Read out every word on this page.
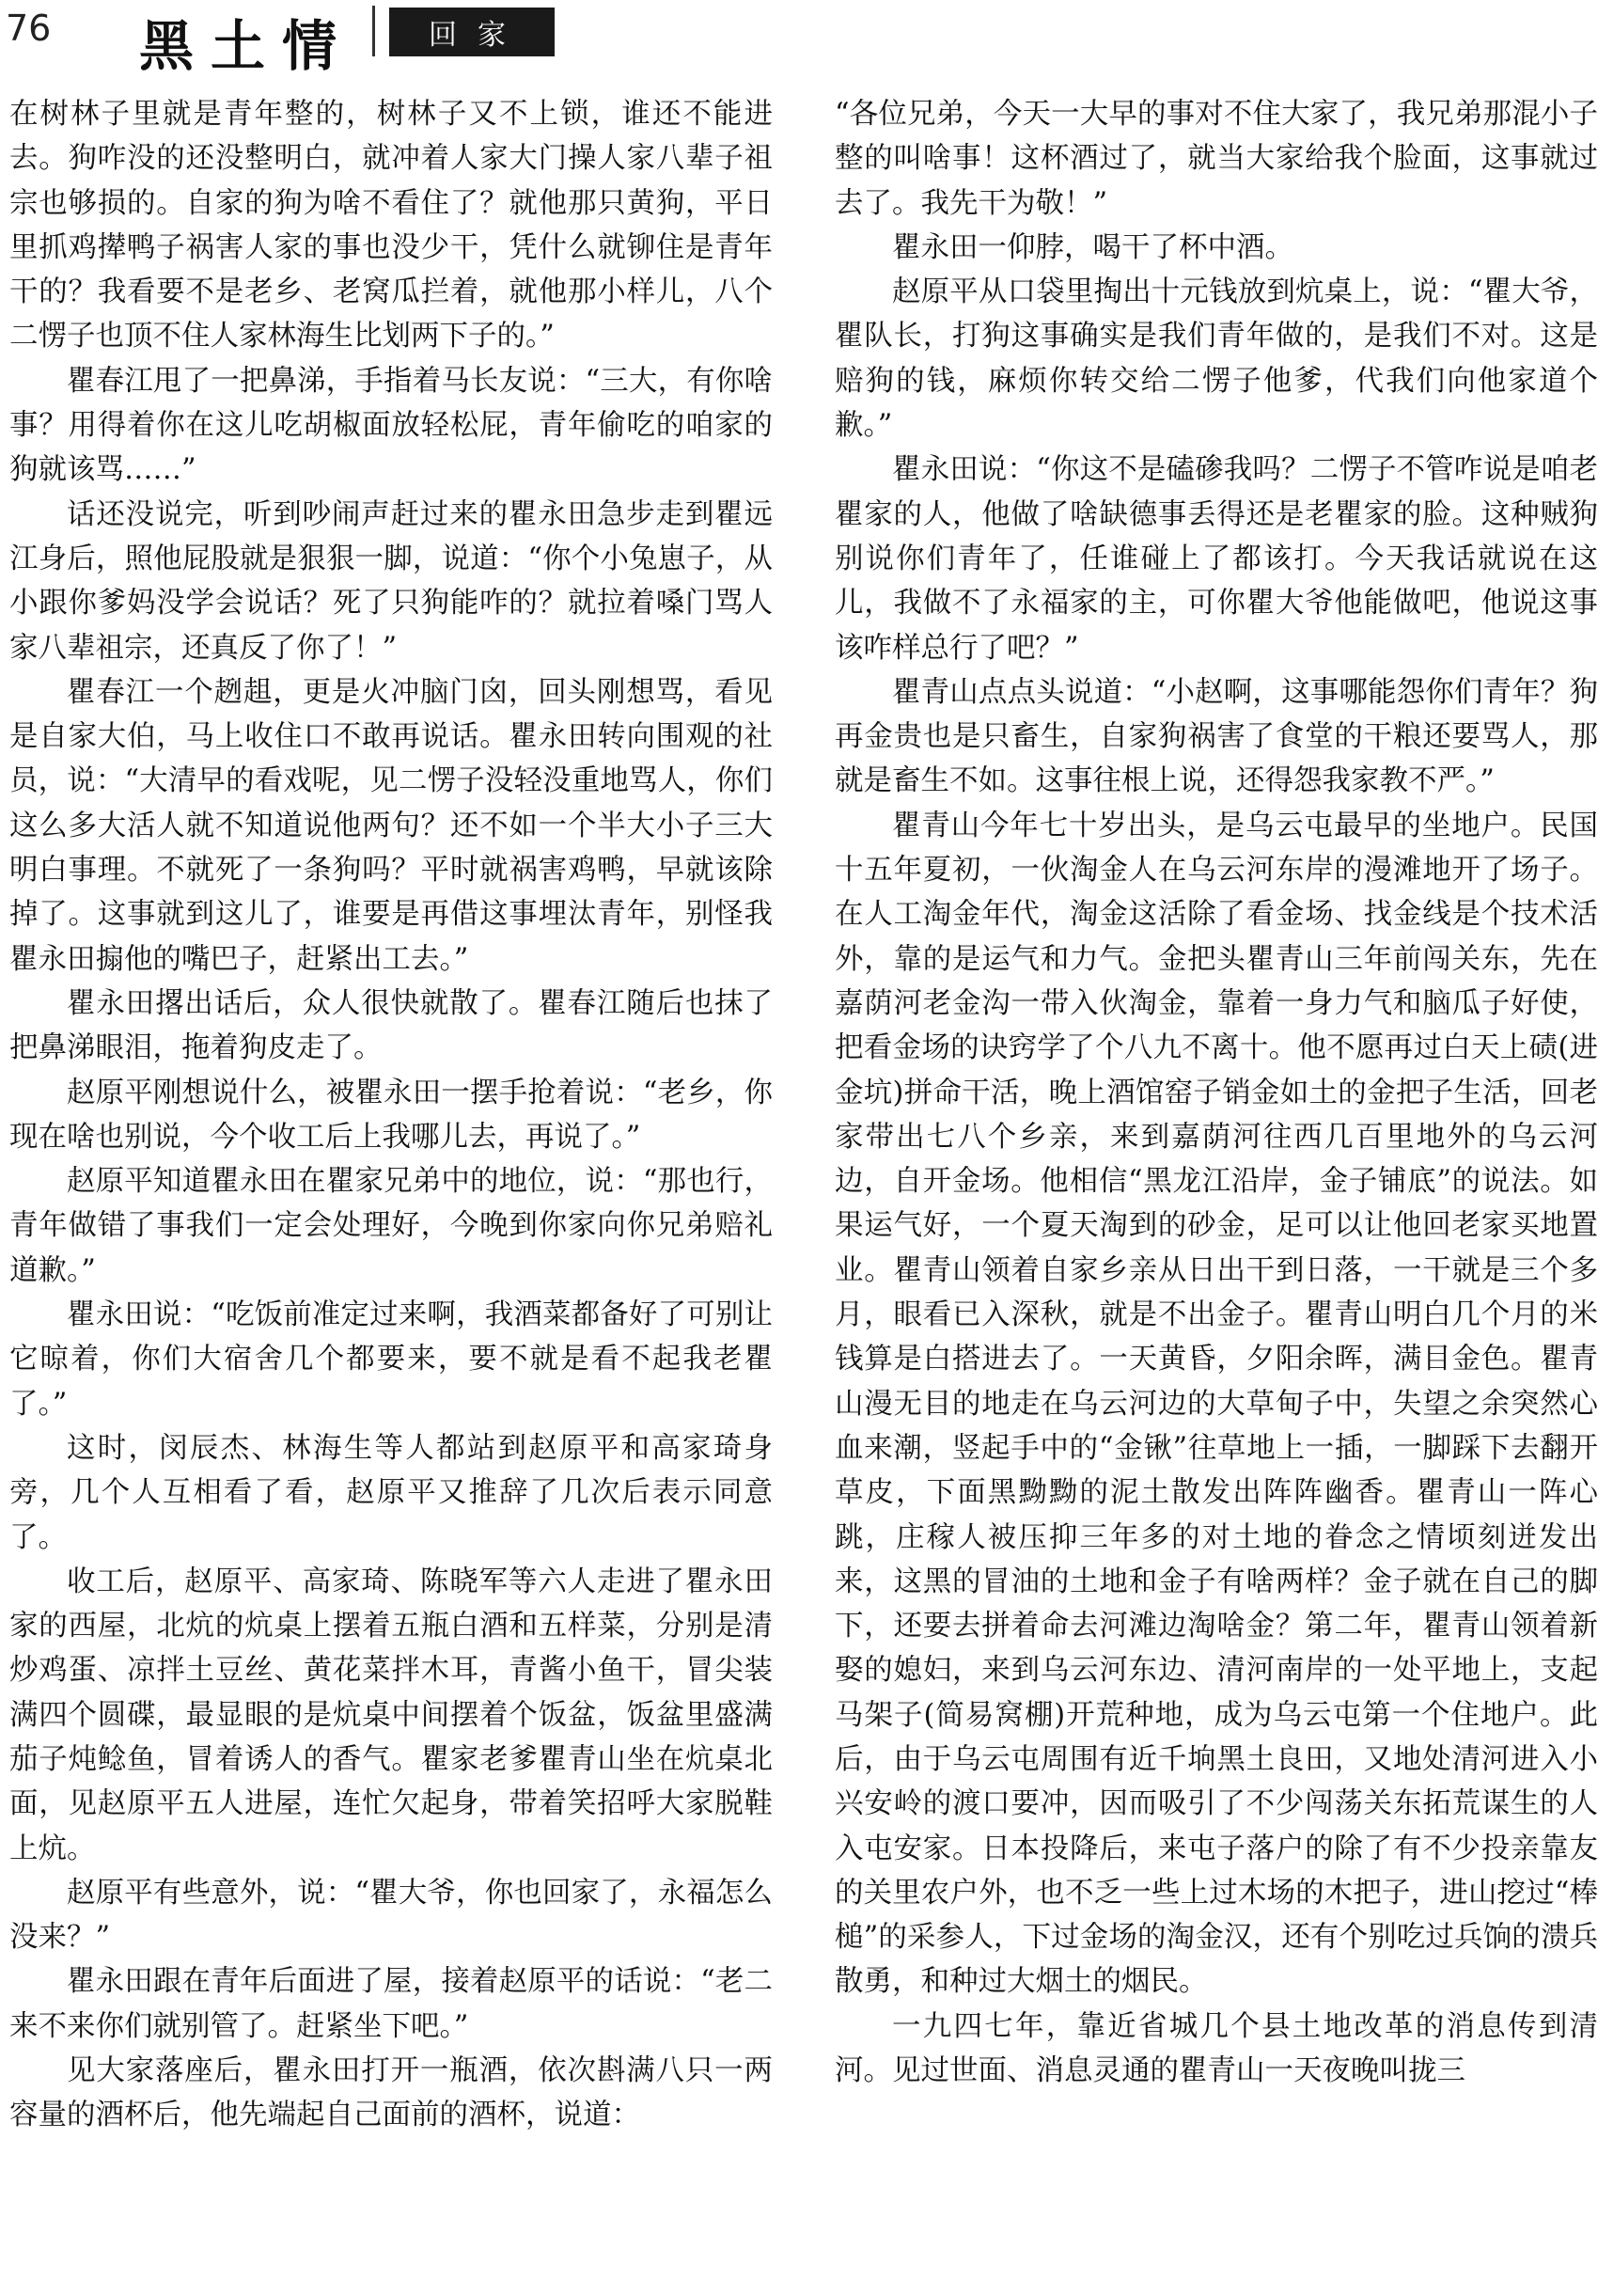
76 黑土情	回家

在树林子里就是青年整的，树林子又不上锁，谁还不能进去。狗咋没的还没整明白，就冲着人家大门操人家八辈子祖宗也够损的。自家的狗为啥不看住了？就他那只黄狗，平日里抓鸡撵鸭子祸害人家的事也没少干，凭什么就铆住是青年干的？我看要不是老乡、老窝瓜拦着，就他那小样儿，八个二愣子也顶不住人家林海生比划两下子的。”

瞿春江甩了一把鼻涕，手指着马长友说：“三大，有你啥事？用得着你在这儿吃胡椒面放轻松屁，青年偷吃的咱家的狗就该骂……”

话还没说完，听到吵闹声赶过来的瞿永田急步走到瞿远江身后，照他屁股就是狠狠一脚，说道：“你个小兔崽子，从小跟你爹妈没学会说话？死了只狗能咋的？就拉着嗓门骂人家八辈祖宗，还真反了你了！”

瞿春江一个趔趄，更是火冲脑门囟，回头刚想骂，看见是自家大伯，马上收住口不敢再说话。瞿永田转向围观的社员，说：“大清早的看戏呢，见二愣子没轻没重地骂人，你们这么多大活人就不知道说他两句？还不如一个半大小子三大明白事理。不就死了一条狗吗？平时就祸害鸡鸭，早就该除掉了。这事就到这儿了，谁要是再借这事埋汰青年，别怪我瞿永田搧他的嘴巴子，赶紧出工去。”

瞿永田撂出话后，众人很快就散了。瞿春江随后也抹了把鼻涕眼泪，拖着狗皮走了。

赵原平刚想说什么，被瞿永田一摆手抢着说：“老乡，你现在啥也别说，今个收工后上我哪儿去，再说了。”

赵原平知道瞿永田在瞿家兄弟中的地位，说：“那也行，青年做错了事我们一定会处理好，今晚到你家向你兄弟赔礼道歉。”

瞿永田说：“吃饭前准定过来啊，我酒菜都备好了可别让它晾着，你们大宿舍几个都要来，要不就是看不起我老瞿了。”

这时，闵辰杰、林海生等人都站到赵原平和高家琦身旁，几个人互相看了看，赵原平又推辞了几次后表示同意了。

收工后，赵原平、高家琦、陈晓军等六人走进了瞿永田家的西屋，北炕的炕桌上摆着五瓶白酒和五样菜，分别是清炒鸡蛋、凉拌土豆丝、黄花菜拌木耳，青酱小鱼干，冒尖装满四个圆碟，最显眼的是炕桌中间摆着个饭盆，饭盆里盛满茄子炖鲶鱼，冒着诱人的香气。瞿家老爹瞿青山坐在炕桌北面，见赵原平五人进屋，连忙欠起身，带着笑招呼大家脱鞋上炕。

赵原平有些意外，说：“瞿大爷，你也回家了，永福怎么没来？”

瞿永田跟在青年后面进了屋，接着赵原平的话说：“老二来不来你们就别管了。赶紧坐下吧。”

见大家落座后，瞿永田打开一瓶酒，依次斟满八只一两容量的酒杯后，他先端起自己面前的酒杯，说道：

“各位兄弟，今天一大早的事对不住大家了，我兄弟那混小子整的叫啥事！这杯酒过了，就当大家给我个脸面，这事就过去了。我先干为敬！”

瞿永田一仰脖，喝干了杯中酒。

赵原平从口袋里掏出十元钱放到炕桌上，说：“瞿大爷，瞿队长，打狗这事确实是我们青年做的，是我们不对。这是赔狗的钱，麻烦你转交给二愣子他爹，代我们向他家道个歉。”

瞿永田说：“你这不是磕碜我吗？二愣子不管咋说是咱老瞿家的人，他做了啥缺德事丢得还是老瞿家的脸。这种贼狗别说你们青年了，任谁碰上了都该打。今天我话就说在这儿，我做不了永福家的主，可你瞿大爷他能做吧，他说这事该咋样总行了吧？”

瞿青山点点头说道：“小赵啊，这事哪能怨你们青年？狗再金贵也是只畜生，自家狗祸害了食堂的干粮还要骂人，那就是畜生不如。这事往根上说，还得怨我家教不严。”

瞿青山今年七十岁出头，是乌云屯最早的坐地户。民国十五年夏初，一伙淘金人在乌云河东岸的漫滩地开了场子。在人工淘金年代，淘金这活除了看金场、找金线是个技术活外，靠的是运气和力气。金把头瞿青山三年前闯关东，先在嘉荫河老金沟一带入伙淘金，靠着一身力气和脑瓜子好使，把看金场的诀窍学了个八九不离十。他不愿再过白天上碛(进金坑)拼命干活，晚上酒馆窑子销金如土的金把子生活，回老家带出七八个乡亲，来到嘉荫河往西几百里地外的乌云河边，自开金场。他相信“黑龙江沿岸，金子铺底”的说法。如果运气好，一个夏天淘到的砂金，足可以让他回老家买地置业。瞿青山领着自家乡亲从日出干到日落，一干就是三个多月，眼看已入深秋，就是不出金子。瞿青山明白几个月的米钱算是白搭进去了。一天黄昏，夕阳余晖，满目金色。瞿青山漫无目的地走在乌云河边的大草甸子中，失望之余突然心血来潮，竖起手中的“金锹”往草地上一插，一脚踩下去翻开草皮，下面黑黝黝的泥土散发出阵阵幽香。瞿青山一阵心跳，庄稼人被压抑三年多的对土地的眷念之情顷刻迸发出来，这黑的冒油的土地和金子有啥两样？金子就在自己的脚下，还要去拼着命去河滩边淘啥金？第二年，瞿青山领着新娶的媳妇，来到乌云河东边、清河南岸的一处平地上，支起马架子(简易窝棚)开荒种地，成为乌云屯第一个住地户。此后，由于乌云屯周围有近千垧黑土良田，又地处清河进入小兴安岭的渡口要冲，因而吸引了不少闯荡关东拓荒谋生的人入屯安家。日本投降后，来屯子落户的除了有不少投亲靠友的关里农户外，也不乏一些上过木场的木把子，进山挖过“棒槌”的采参人，下过金场的淘金汉，还有个别吃过兵饷的溃兵散勇，和种过大烟土的烟民。

一九四七年，靠近省城几个县土地改革的消息传到清河。见过世面、消息灵通的瞿青山一天夜晚叫拢三
